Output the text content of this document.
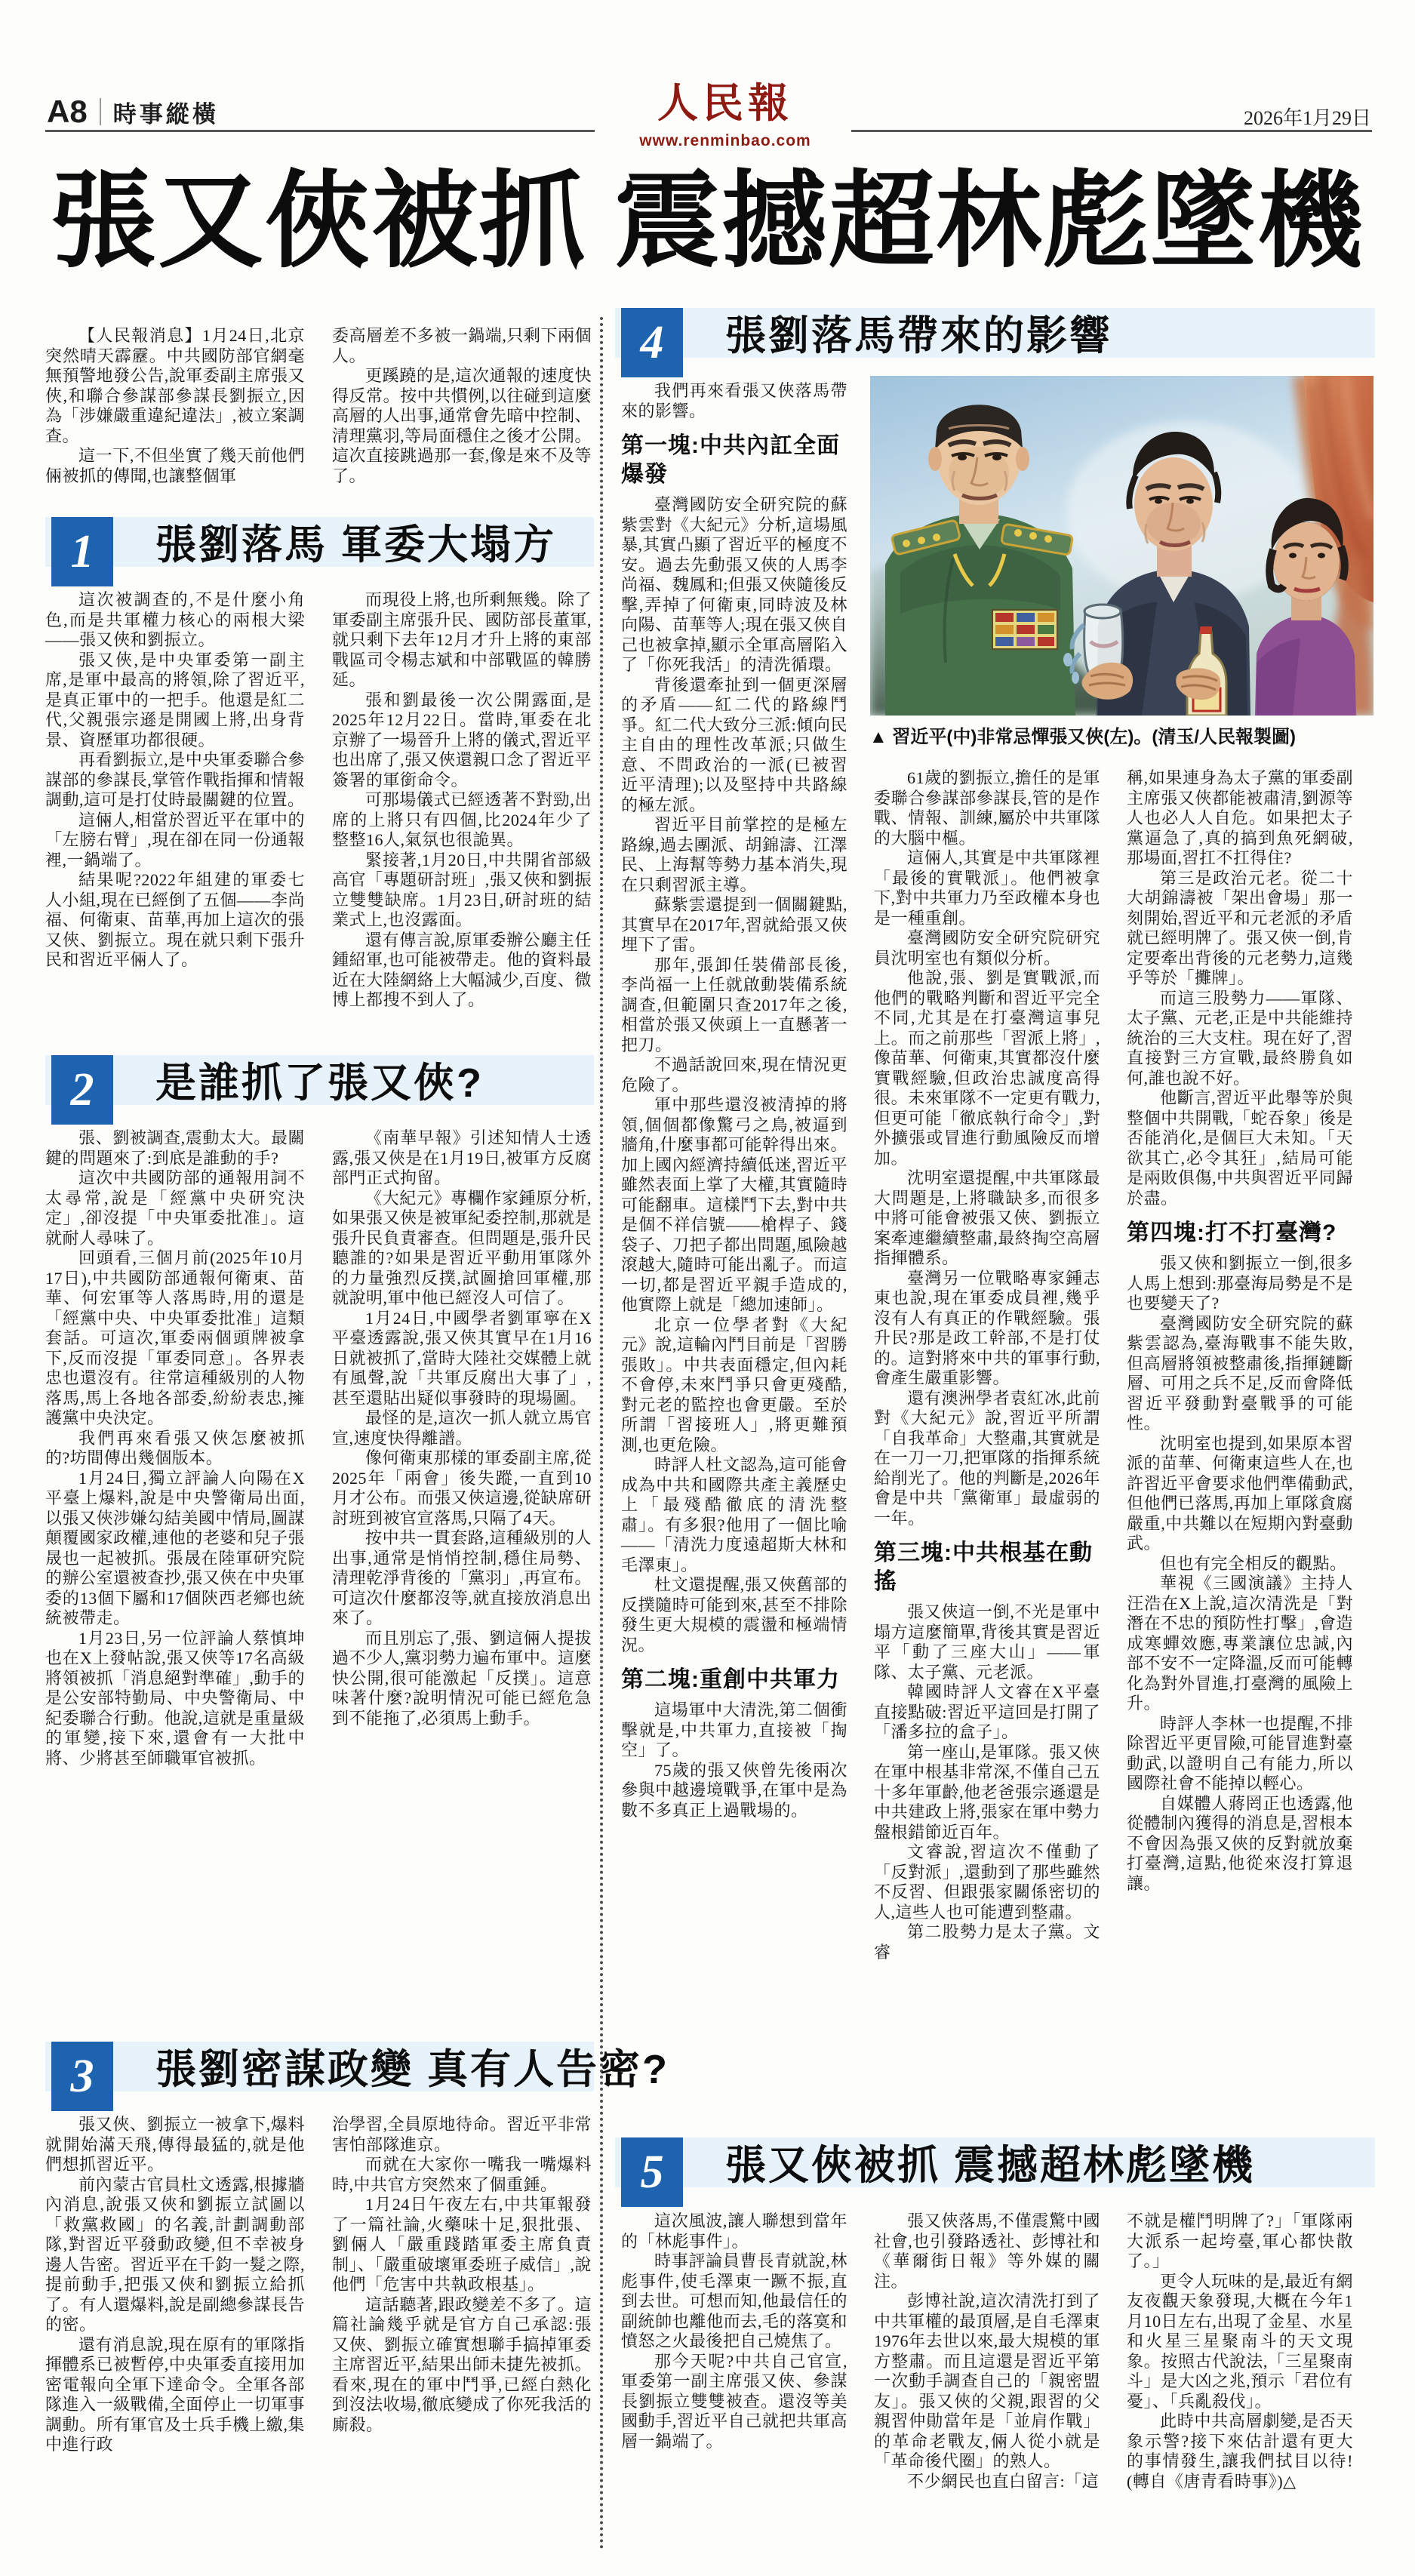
A8 時事縱橫	2026年1月29日
人民報
www.renminbao.com
張又俠被抓 震撼超林彪墜機

【人民報消息】1月24日,北京突然晴天霹靂。中共國防部官網毫無預警地發公告,說軍委副主席張又俠,和聯合參謀部參謀長劉振立,因為「涉嫌嚴重違紀違法」,被立案調查。

這一下,不但坐實了幾天前他們倆被抓的傳聞,也讓整個軍

委高層差不多被一鍋端,只剩下兩個人。

更蹊蹺的是,這次通報的速度快得反常。按中共慣例,以往碰到這麼高層的人出事,通常會先暗中控制、清理黨羽,等局面穩住之後才公開。這次直接跳過那一套,像是來不及等了。

1	張劉落馬 軍委大塌方

這次被調查的,不是什麼小角色,而是共軍權力核心的兩根大梁——張又俠和劉振立。

張又俠,是中央軍委第一副主席,是軍中最高的將領,除了習近平,是真正軍中的一把手。他還是紅二代,父親張宗遜是開國上將,出身背景、資歷軍功都很硬。

再看劉振立,是中央軍委聯合參謀部的參謀長,掌管作戰指揮和情報調動,這可是打仗時最關鍵的位置。

這倆人,相當於習近平在軍中的「左膀右臂」,現在卻在同一份通報裡,一鍋端了。

結果呢?2022年組建的軍委七人小組,現在已經倒了五個——李尚福、何衛東、苗華,再加上這次的張又俠、劉振立。現在就只剩下張升民和習近平倆人了。

而現役上將,也所剩無幾。除了軍委副主席張升民、國防部長董軍,就只剩下去年12月才升上將的東部戰區司令楊志斌和中部戰區的韓勝延。

張和劉最後一次公開露面,是2025年12月22日。當時,軍委在北京辦了一場晉升上將的儀式,習近平也出席了,張又俠還親口念了習近平簽署的軍銜命令。

可那場儀式已經透著不對勁,出席的上將只有四個,比2024年少了整整16人,氣氛也很詭異。

緊接著,1月20日,中共開省部級高官「專題研討班」,張又俠和劉振立雙雙缺席。1月23日,研討班的結業式上,也沒露面。

還有傳言說,原軍委辦公廳主任鍾紹軍,也可能被帶走。他的資料最近在大陸網絡上大幅減少,百度、微博上都搜不到人了。

2	是誰抓了張又俠?

張、劉被調查,震動太大。最關鍵的問題來了:到底是誰動的手?

這次中共國防部的通報用詞不太尋常,說是「經黨中央研究決定」,卻沒提「中央軍委批准」。這就耐人尋味了。

回頭看,三個月前(2025年10月17日),中共國防部通報何衛東、苗華、何宏軍等人落馬時,用的還是「經黨中央、中央軍委批准」這類套話。可這次,軍委兩個頭牌被拿下,反而沒提「軍委同意」。各界表忠也還沒有。往常這種級別的人物落馬,馬上各地各部委,紛紛表忠,擁護黨中央決定。

我們再來看張又俠怎麼被抓的?坊間傳出幾個版本。

1月24日,獨立評論人向陽在X平臺上爆料,說是中央警衛局出面,以張又俠涉嫌勾結美國中情局,圖謀顛覆國家政權,連他的老婆和兒子張晟也一起被抓。張晟在陸軍研究院的辦公室還被查抄,張又俠在中央軍委的13個下屬和17個陝西老鄉也統統被帶走。

1月23日,另一位評論人蔡慎坤也在X上發帖說,張又俠等17名高級將領被抓「消息絕對準確」,動手的是公安部特勤局、中央警衛局、中紀委聯合行動。他說,這就是重量級的軍變,接下來,還會有一大批中將、少將甚至師職軍官被抓。

《南華早報》引述知情人士透露,張又俠是在1月19日,被軍方反腐部門正式拘留。

《大紀元》專欄作家鍾原分析,如果張又俠是被軍紀委控制,那就是張升民負責審查。但問題是,張升民聽誰的?如果是習近平動用軍隊外的力量強烈反撲,試圖搶回軍權,那就說明,軍中他已經沒人可信了。

1月24日,中國學者劉軍寧在X平臺透露說,張又俠其實早在1月16日就被抓了,當時大陸社交媒體上就有風聲,說「共軍反腐出大事了」,甚至還貼出疑似事發時的現場圖。

最怪的是,這次一抓人就立馬官宣,速度快得離譜。

像何衛東那樣的軍委副主席,從2025年「兩會」後失蹤,一直到10月才公布。而張又俠這邊,從缺席研討班到被官宣落馬,只隔了4天。

按中共一貫套路,這種級別的人出事,通常是悄悄控制,穩住局勢、清理乾淨背後的「黨羽」,再宣布。可這次什麼都沒等,就直接放消息出來了。

而且別忘了,張、劉這倆人提拔過不少人,黨羽勢力遍布軍中。這麼快公開,很可能激起「反撲」。這意味著什麼?說明情況可能已經危急到不能拖了,必須馬上動手。

3	張劉密謀政變 真有人告密?

張又俠、劉振立一被拿下,爆料就開始滿天飛,傳得最猛的,就是他們想抓習近平。

前內蒙古官員杜文透露,根據牆內消息,說張又俠和劉振立試圖以「救黨救國」的名義,計劃調動部隊,對習近平發動政變,但不幸被身邊人告密。習近平在千鈞一髮之際,提前動手,把張又俠和劉振立給抓了。有人還爆料,說是副總參謀長告的密。

還有消息說,現在原有的軍隊指揮體系已被暫停,中央軍委直接用加密電報向全軍下達命令。全軍各部隊進入一級戰備,全面停止一切軍事調動。所有軍官及士兵手機上繳,集中進行政

治學習,全員原地待命。習近平非常害怕部隊進京。

而就在大家你一嘴我一嘴爆料時,中共官方突然來了個重錘。

1月24日午夜左右,中共軍報發了一篇社論,火藥味十足,狠批張、劉倆人「嚴重踐踏軍委主席負責制」、「嚴重破壞軍委班子威信」,說他們「危害中共執政根基」。

這話聽著,跟政變差不多了。這篇社論幾乎就是官方自己承認:張又俠、劉振立確實想聯手搞掉軍委主席習近平,結果出師未捷先被抓。看來,現在的軍中鬥爭,已經白熱化到沒法收場,徹底變成了你死我活的廝殺。

4	張劉落馬帶來的影響

我們再來看張又俠落馬帶來的影響。

第一塊:中共內訌全面爆發

臺灣國防安全研究院的蘇紫雲對《大紀元》分析,這場風暴,其實凸顯了習近平的極度不安。過去先動張又俠的人馬李尚福、魏鳳和;但張又俠隨後反擊,弄掉了何衛東,同時波及林向陽、苗華等人;現在張又俠自己也被拿掉,顯示全軍高層陷入了「你死我活」的清洗循環。

背後還牽扯到一個更深層的矛盾——紅二代的路線鬥爭。紅二代大致分三派:傾向民主自由的理性改革派;只做生意、不問政治的一派(已被習近平清理);以及堅持中共路線的極左派。

習近平目前掌控的是極左路線,過去團派、胡錦濤、江澤民、上海幫等勢力基本消失,現在只剩習派主導。

蘇紫雲還提到一個關鍵點,其實早在2017年,習就給張又俠埋下了雷。

那年,張卸任裝備部長後,李尚福一上任就啟動裝備系統調查,但範圍只查2017年之後,相當於張又俠頭上一直懸著一把刀。

不過話說回來,現在情況更危險了。

軍中那些還沒被清掉的將領,個個都像驚弓之鳥,被逼到牆角,什麼事都可能幹得出來。加上國內經濟持續低迷,習近平雖然表面上掌了大權,其實隨時可能翻車。這樣鬥下去,對中共是個不祥信號——槍桿子、錢袋子、刀把子都出問題,風險越滾越大,隨時可能出亂子。而這一切,都是習近平親手造成的,他實際上就是「總加速師」。

北京一位學者對《大紀元》說,這輪內鬥目前是「習勝張敗」。中共表面穩定,但內耗不會停,未來鬥爭只會更殘酷,對元老的監控也會更嚴。至於所謂「習接班人」,將更難預測,也更危險。

時評人杜文認為,這可能會成為中共和國際共產主義歷史上「最殘酷徹底的清洗整肅」。有多狠?他用了一個比喻——「清洗力度遠超斯大林和毛澤東」。

杜文還提醒,張又俠舊部的反撲隨時可能到來,甚至不排除發生更大規模的震盪和極端情況。

第二塊:重創中共軍力

這場軍中大清洗,第二個衝擊就是,中共軍力,直接被「掏空」了。

75歲的張又俠曾先後兩次參與中越邊境戰爭,在軍中是為數不多真正上過戰場的。

61歲的劉振立,擔任的是軍委聯合參謀部參謀長,管的是作戰、情報、訓練,屬於中共軍隊的大腦中樞。

這倆人,其實是中共軍隊裡「最後的實戰派」。他們被拿下,對中共軍力乃至政權本身也是一種重創。

臺灣國防安全研究院研究員沈明室也有類似分析。

他說,張、劉是實戰派,而他們的戰略判斷和習近平完全不同,尤其是在打臺灣這事兒上。而之前那些「習派上將」,像苗華、何衛東,其實都沒什麼實戰經驗,但政治忠誠度高得很。未來軍隊不一定更有戰力,但更可能「徹底執行命令」,對外擴張或冒進行動風險反而增加。

沈明室還提醒,中共軍隊最大問題是,上將職缺多,而很多中將可能會被張又俠、劉振立案牽連繼續整肅,最終掏空高層指揮體系。

臺灣另一位戰略專家鍾志東也說,現在軍委成員裡,幾乎沒有人有真正的作戰經驗。張升民?那是政工幹部,不是打仗的。這對將來中共的軍事行動,會產生嚴重影響。

還有澳洲學者袁紅冰,此前對《大紀元》說,習近平所謂「自我革命」大整肅,其實就是在一刀一刀,把軍隊的指揮系統給削光了。他的判斷是,2026年會是中共「黨衛軍」最虛弱的一年。

第三塊:中共根基在動搖

張又俠這一倒,不光是軍中塌方這麼簡單,背後其實是習近平「動了三座大山」——軍隊、太子黨、元老派。

韓國時評人文睿在X平臺直接點破:習近平這回是打開了「潘多拉的盒子」。

第一座山,是軍隊。張又俠在軍中根基非常深,不僅自己五十多年軍齡,他老爸張宗遜還是中共建政上將,張家在軍中勢力盤根錯節近百年。

文睿說,習這次不僅動了「反對派」,還動到了那些雖然不反習、但跟張家關係密切的人,這些人也可能遭到整肅。

第二股勢力是太子黨。文睿

稱,如果連身為太子黨的軍委副主席張又俠都能被肅清,劉源等人也必人人自危。如果把太子黨逼急了,真的搞到魚死網破,那場面,習扛不扛得住?

第三是政治元老。從二十大胡錦濤被「架出會場」那一刻開始,習近平和元老派的矛盾就已經明牌了。張又俠一倒,肯定要牽出背後的元老勢力,這幾乎等於「攤牌」。

而這三股勢力——軍隊、太子黨、元老,正是中共能維持統治的三大支柱。現在好了,習直接對三方宣戰,最終勝負如何,誰也說不好。

他斷言,習近平此舉等於與整個中共開戰,「蛇吞象」後是否能消化,是個巨大未知。「天欲其亡,必令其狂」,結局可能是兩敗俱傷,中共與習近平同歸於盡。

第四塊:打不打臺灣?

張又俠和劉振立一倒,很多人馬上想到:那臺海局勢是不是也要變天了?

臺灣國防安全研究院的蘇紫雲認為,臺海戰事不能失敗,但高層將領被整肅後,指揮鏈斷層、可用之兵不足,反而會降低習近平發動對臺戰爭的可能性。

沈明室也提到,如果原本習派的苗華、何衛東這些人在,也許習近平會要求他們準備動武,但他們已落馬,再加上軍隊貪腐嚴重,中共難以在短期內對臺動武。

但也有完全相反的觀點。

華視《三國演議》主持人汪浩在X上說,這次清洗是「對潛在不忠的預防性打擊」,會造成寒蟬效應,專業讓位忠誠,內部不安不一定降溫,反而可能轉化為對外冒進,打臺灣的風險上升。

時評人李林一也提醒,不排除習近平更冒險,可能冒進對臺動武,以證明自己有能力,所以國際社會不能掉以輕心。

自媒體人蔣罔正也透露,他從體制內獲得的消息是,習根本不會因為張又俠的反對就放棄打臺灣,這點,他從來沒打算退讓。

▲ 習近平(中)非常忌憚張又俠(左)。(清玉/人民報製圖)
5	張又俠被抓 震撼超林彪墜機

這次風波,讓人聯想到當年的「林彪事件」。

時事評論員曹長青就說,林彪事件,使毛澤東一蹶不振,直到去世。可想而知,他最信任的副統帥也離他而去,毛的落寞和憤怒之火最後把自己燒焦了。

那今天呢?中共自己官宣,軍委第一副主席張又俠、參謀長劉振立雙雙被查。還沒等美國動手,習近平自己就把共軍高層一鍋端了。

張又俠落馬,不僅震驚中國社會,也引發路透社、彭博社和《華爾街日報》等外媒的關注。

彭博社說,這次清洗打到了中共軍權的最頂層,是自毛澤東1976年去世以來,最大規模的軍方整肅。而且這還是習近平第一次動手調查自己的「親密盟友」。張又俠的父親,跟習的父親習仲勛當年是「並肩作戰」的革命老戰友,倆人從小就是「革命後代圈」的熟人。

不少網民也直白留言:「這

不就是權鬥明牌了?」「軍隊兩大派系一起垮臺,軍心都快散了。」

更令人玩味的是,最近有網友夜觀天象發現,大概在今年1月10日左右,出現了金星、水星和火星三星聚南斗的天文現象。按照古代說法,「三星聚南斗」是大凶之兆,預示「君位有憂」、「兵亂殺伐」。

此時中共高層劇變,是否天象示警?接下來估計還有更大的事情發生,讓我們拭目以待!(轉自《唐青看時事》)△
